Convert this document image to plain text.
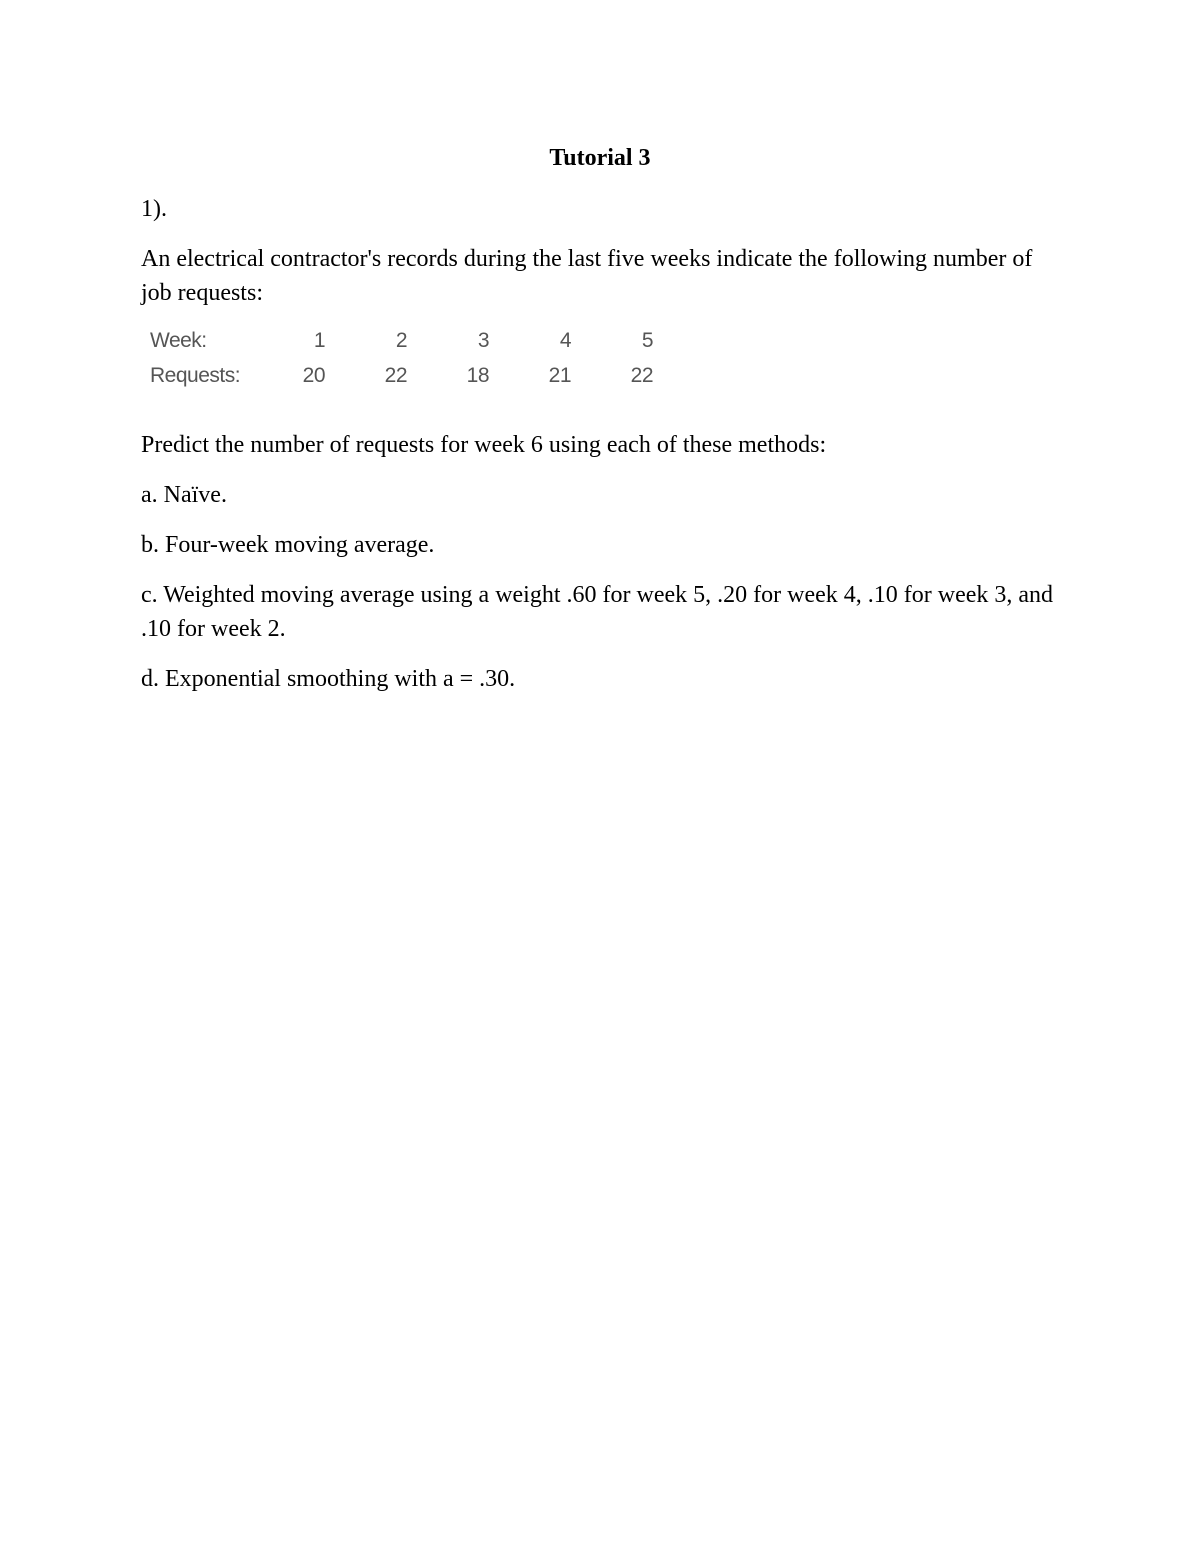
Tutorial 3

1).

An electrical contractor's records during the last five weeks indicate the following number of job requests:

Week:	1	2	3	4	5
Requests:	20	22	18	21	22

Predict the number of requests for week 6 using each of these methods:

a. Naïve.

b. Four-week moving average.

c. Weighted moving average using a weight .60 for week 5, .20 for week 4, .10 for week 3, and .10 for week 2.

d. Exponential smoothing with a = .30.
